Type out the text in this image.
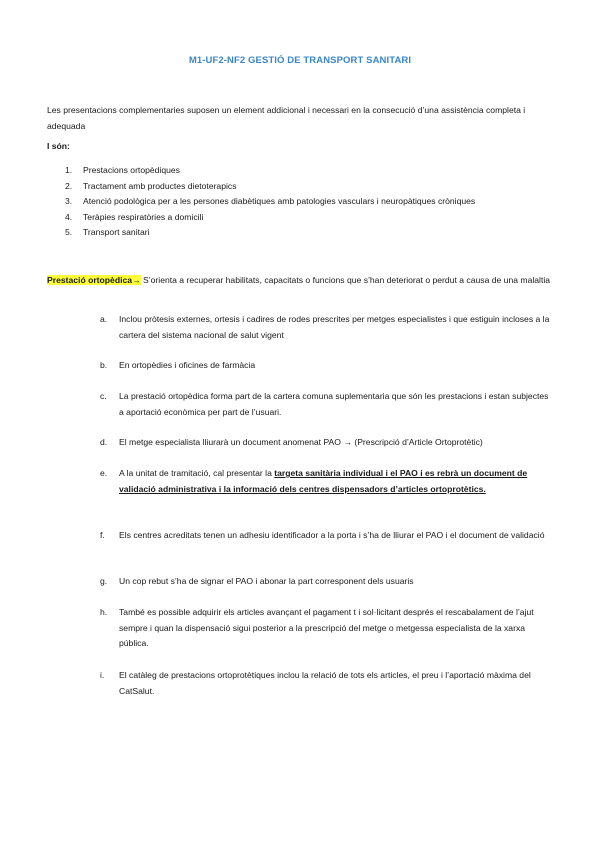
M1-UF2-NF2 GESTIÓ DE TRANSPORT SANITARI
Les presentacions complementaries suposen un element addicional i necessari en la consecució d’una assistència completa i adequada
I són:
1. Prestacions ortopèdiques
2. Tractament amb productes dietoterapics
3. Atenció podològica per a les persones diabètiques amb patologies vasculars i neuropàtiques cròniques
4. Teràpies respiratòries a domicili
5. Transport sanitari
Prestació ortopèdica→ S’orienta a recuperar habilitats, capacitats o funcions que s’han deteriorat o perdut a causa de una malaltia
a.	Inclou pròtesis externes, ortesis i cadires de rodes prescrites per metges especialistes i que estiguin incloses a la cartera del sistema nacional de salut vigent
b.	En ortopèdies i oficines de farmàcia
c.	La prestació ortopèdica forma part de la cartera comuna suplementaria que són les prestacions i estan subjectes a aportació econòmica per part de l’usuari.
d.	El metge especialista lliurarà un document anomenat PAO → (Prescripció d’Article Ortoprotètic)
e.	A la unitat de tramitació, cal presentar la targeta sanitària individual i el PAO i es rebrà un document de validació administrativa i la informació dels centres dispensadors d’articles ortoprotètics.
f.	Els centres acreditats tenen un adhesiu identificador a la porta i s’ha de lliurar el PAO i el document de validació
g.	Un cop rebut s’ha de signar el PAO i abonar la part corresponent dels usuaris
h.	També es possible adquirir els articles avançant el pagament t i sol·licitant després el rescabalament de l’ajut sempre i quan la dispensació sigui posterior a la prescripció del metge o metgessa especialista de la xarxa pública.
i.	El catàleg de prestacions ortoprotètiques inclou la relació de tots els articles, el preu i l’aportació màxima del CatSalut.
